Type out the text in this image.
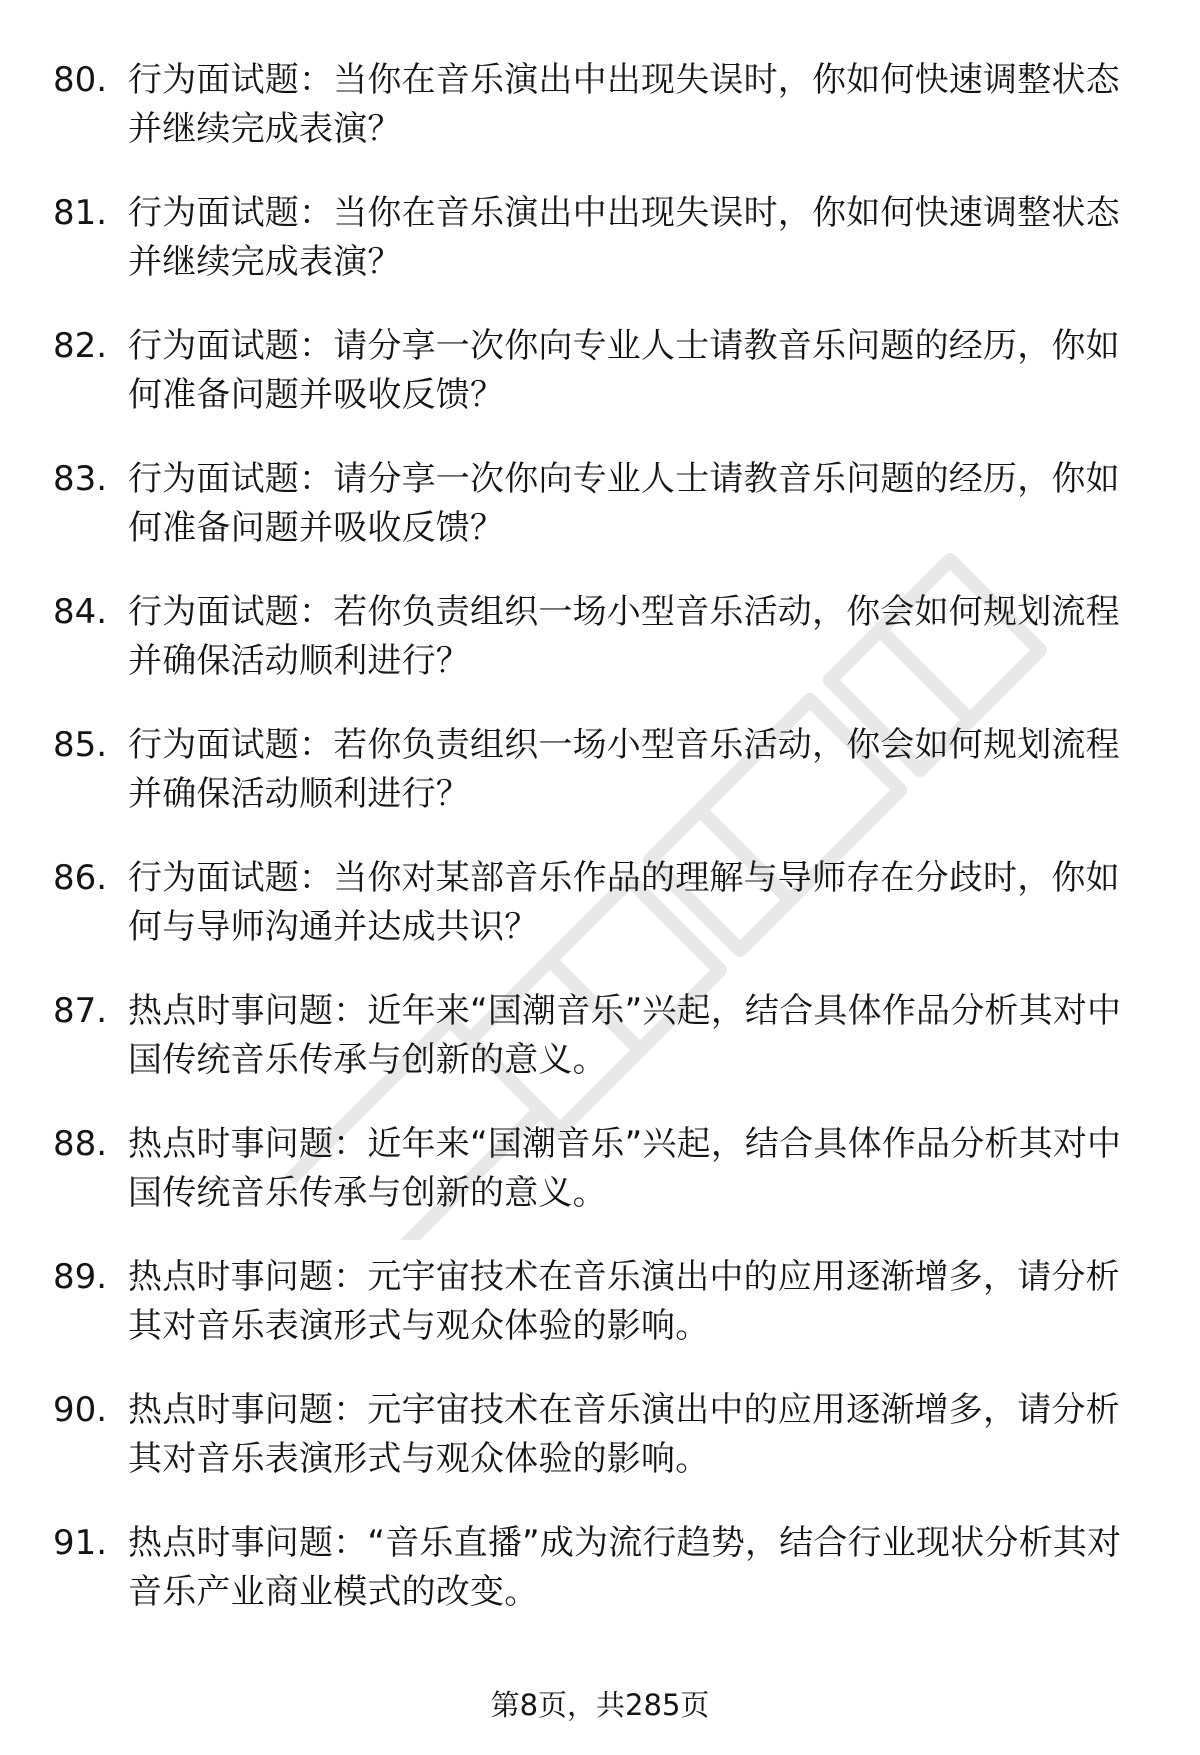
80. 行为面试题：当你在音乐演出中出现失误时，你如何快速调整状态并继续完成表演？
81. 行为面试题：当你在音乐演出中出现失误时，你如何快速调整状态并继续完成表演？
82. 行为面试题：请分享一次你向专业人士请教音乐问题的经历，你如何准备问题并吸收反馈？
83. 行为面试题：请分享一次你向专业人士请教音乐问题的经历，你如何准备问题并吸收反馈？
84. 行为面试题：若你负责组织一场小型音乐活动，你会如何规划流程并确保活动顺利进行？
85. 行为面试题：若你负责组织一场小型音乐活动，你会如何规划流程并确保活动顺利进行？
86. 行为面试题：当你对某部音乐作品的理解与导师存在分歧时，你如何与导师沟通并达成共识？
87. 热点时事问题：近年来“国潮音乐”兴起，结合具体作品分析其对中国传统音乐传承与创新的意义。
88. 热点时事问题：近年来“国潮音乐”兴起，结合具体作品分析其对中国传统音乐传承与创新的意义。
89. 热点时事问题：元宇宙技术在音乐演出中的应用逐渐增多，请分析其对音乐表演形式与观众体验的影响。
90. 热点时事问题：元宇宙技术在音乐演出中的应用逐渐增多，请分析其对音乐表演形式与观众体验的影响。
91. 热点时事问题：“音乐直播”成为流行趋势，结合行业现状分析其对音乐产业商业模式的改变。
第8页，共285页
